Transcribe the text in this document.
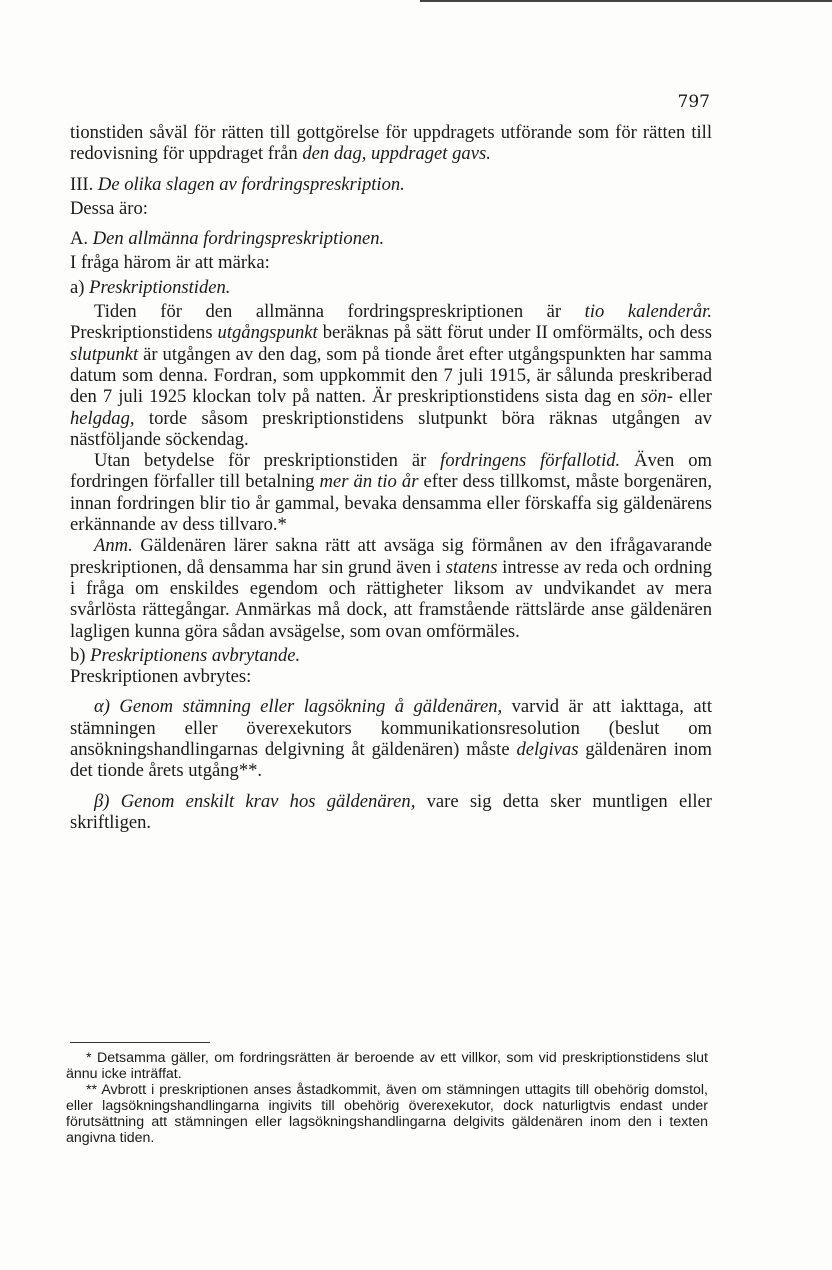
797

tionstiden såväl för rätten till gottgörelse för uppdragets utförande som för rätten till redovisning för uppdraget från den dag, uppdraget gavs.

III. De olika slagen av fordringspreskription.

Dessa äro:

A. Den allmänna fordringspreskriptionen.

I fråga härom är att märka:

a) Preskriptionstiden.

Tiden för den allmänna fordringspreskriptionen är tio kalenderår. Preskriptionstidens utgångspunkt beräknas på sätt förut under II omförmälts, och dess slutpunkt är utgången av den dag, som på tionde året efter utgångspunkten har samma datum som denna. Fordran, som uppkommit den 7 juli 1915, är sålunda preskriberad den 7 juli 1925 klockan tolv på natten. Är preskriptionstidens sista dag en sön- eller helgdag, torde såsom preskriptionstidens slutpunkt böra räknas utgången av nästföljande söckendag.

Utan betydelse för preskriptionstiden är fordringens förfallotid. Även om fordringen förfaller till betalning mer än tio år efter dess tillkomst, måste borgenären, innan fordringen blir tio år gammal, bevaka densamma eller förskaffa sig gäldenärens erkännande av dess tillvaro.*

Anm. Gäldenären lärer sakna rätt att avsäga sig förmånen av den ifrågavarande preskriptionen, då densamma har sin grund även i statens intresse av reda och ordning i fråga om enskildes egendom och rättigheter liksom av undvikandet av mera svårlösta rättegångar. Anmärkas må dock, att framstående rättslärde anse gäldenären lagligen kunna göra sådan avsägelse, som ovan omförmäles.

b) Preskriptionens avbrytande.

Preskriptionen avbrytes:

α) Genom stämning eller lagsökning å gäldenären, varvid är att iakttaga, att stämningen eller överexekutors kommunikationsresolution (beslut om ansökningshandlingarnas delgivning åt gäldenären) måste delgivas gäldenären inom det tionde årets utgång**.

β) Genom enskilt krav hos gäldenären, vare sig detta sker muntligen eller skriftligen.

* Detsamma gäller, om fordringsrätten är beroende av ett villkor, som vid preskriptionstidens slut ännu icke inträffat.

** Avbrott i preskriptionen anses åstadkommit, även om stämningen uttagits till obehörig domstol, eller lagsökningshandlingarna ingivits till obehörig överexekutor, dock naturligtvis endast under förutsättning att stämningen eller lagsökningshandlingarna delgivits gäldenären inom den i texten angivna tiden.
